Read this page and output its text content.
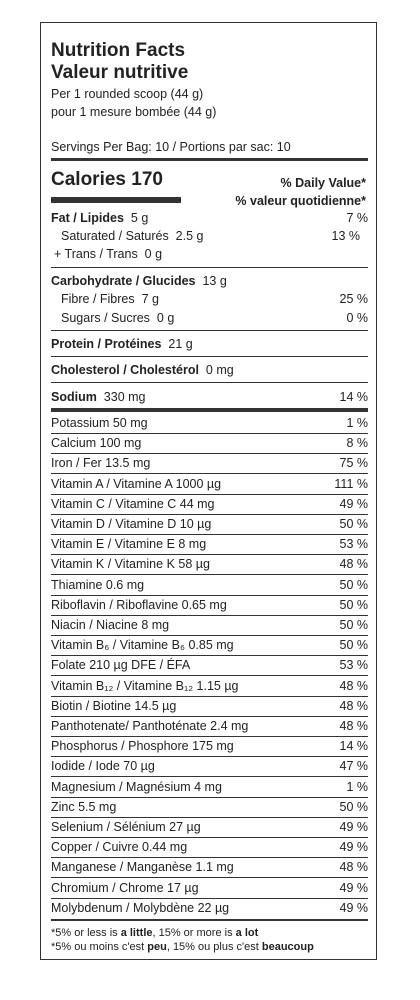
Nutrition Facts
Valeur nutritive
Per 1 rounded scoop (44 g)
pour 1 mesure bombée (44 g)
Servings Per Bag: 10 / Portions par sac: 10
Calories 170	% Daily Value*
% valeur quotidienne*
Fat / Lipides 5 g	7 %
Saturated / Saturés 2.5 g	13 %
+ Trans / Trans 0 g
Carbohydrate / Glucides 13 g
Fibre / Fibres 7 g	25 %
Sugars / Sucres 0 g	0 %
Protein / Protéines 21 g
Cholesterol / Cholestérol 0 mg
Sodium 330 mg	14 %
Potassium 50 mg	1 %
Calcium 100 mg	8 %
Iron / Fer 13.5 mg	75 %
Vitamin A / Vitamine A 1000 µg	111 %
Vitamin C / Vitamine C 44 mg	49 %
Vitamin D / Vitamine D 10 µg	50 %
Vitamin E / Vitamine E 8 mg	53 %
Vitamin K / Vitamine K 58 µg	48 %
Thiamine 0.6 mg	50 %
Riboflavin / Riboflavine 0.65 mg	50 %
Niacin / Niacine 8 mg	50 %
Vitamin B₆ / Vitamine B₆ 0.85 mg	50 %
Folate 210 µg DFE / ÉFA	53 %
Vitamin B₁₂ / Vitamine B₁₂ 1.15 µg	48 %
Biotin / Biotine 14.5 µg	48 %
Panthotenate/ Panthoténate 2.4 mg	48 %
Phosphorus / Phosphore 175 mg	14 %
Iodide / Iode 70 µg	47 %
Magnesium / Magnésium 4 mg	1 %
Zinc 5.5 mg	50 %
Selenium / Sélénium 27 µg	49 %
Copper / Cuivre 0.44 mg	49 %
Manganese / Manganèse 1.1 mg	48 %
Chromium / Chrome 17 µg	49 %
Molybdenum / Molybdène 22 µg	49 %
*5% or less is a little, 15% or more is a lot
*5% ou moins c'est peu, 15% ou plus c'est beaucoup
